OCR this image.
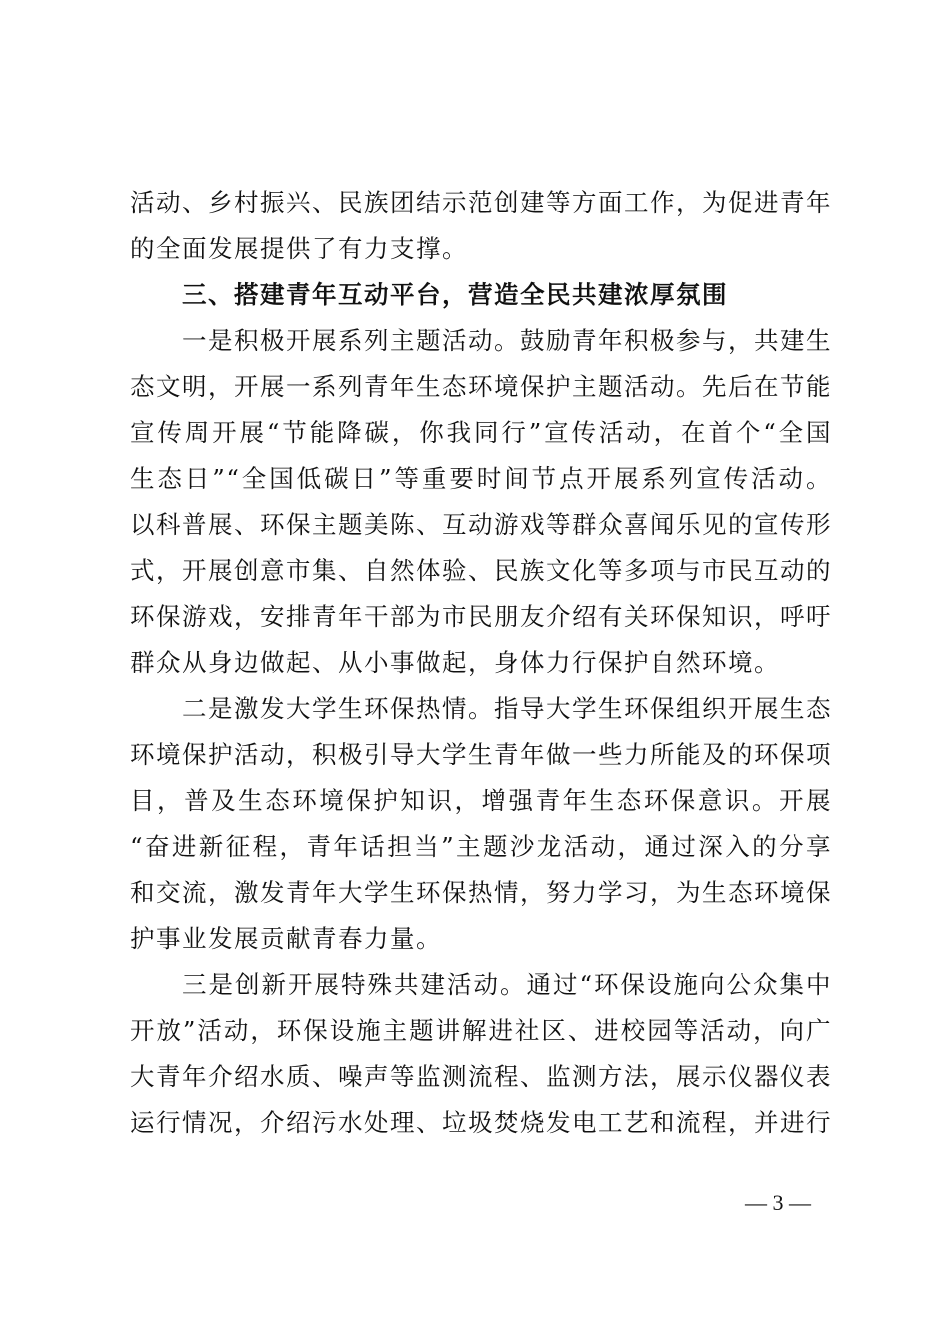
活动、乡村振兴、民族团结示范创建等方面工作，为促进青年
的全面发展提供了有力支撑。
三、搭建青年互动平台，营造全民共建浓厚氛围
一是积极开展系列主题活动。鼓励青年积极参与，共建生
态文明，开展一系列青年生态环境保护主题活动。先后在节能
宣传周开展“节能降碳，你我同行”宣传活动，在首个“全国
生态日”“全国低碳日”等重要时间节点开展系列宣传活动。
以科普展、环保主题美陈、互动游戏等群众喜闻乐见的宣传形
式，开展创意市集、自然体验、民族文化等多项与市民互动的
环保游戏，安排青年干部为市民朋友介绍有关环保知识，呼吁
群众从身边做起、从小事做起，身体力行保护自然环境。
二是激发大学生环保热情。指导大学生环保组织开展生态
环境保护活动，积极引导大学生青年做一些力所能及的环保项
目，普及生态环境保护知识，增强青年生态环保意识。开展
“奋进新征程，青年话担当”主题沙龙活动，通过深入的分享
和交流，激发青年大学生环保热情，努力学习，为生态环境保
护事业发展贡献青春力量。
三是创新开展特殊共建活动。通过“环保设施向公众集中
开放”活动，环保设施主题讲解进社区、进校园等活动，向广
大青年介绍水质、噪声等监测流程、监测方法，展示仪器仪表
运行情况，介绍污水处理、垃圾焚烧发电工艺和流程，并进行
— 3 —
